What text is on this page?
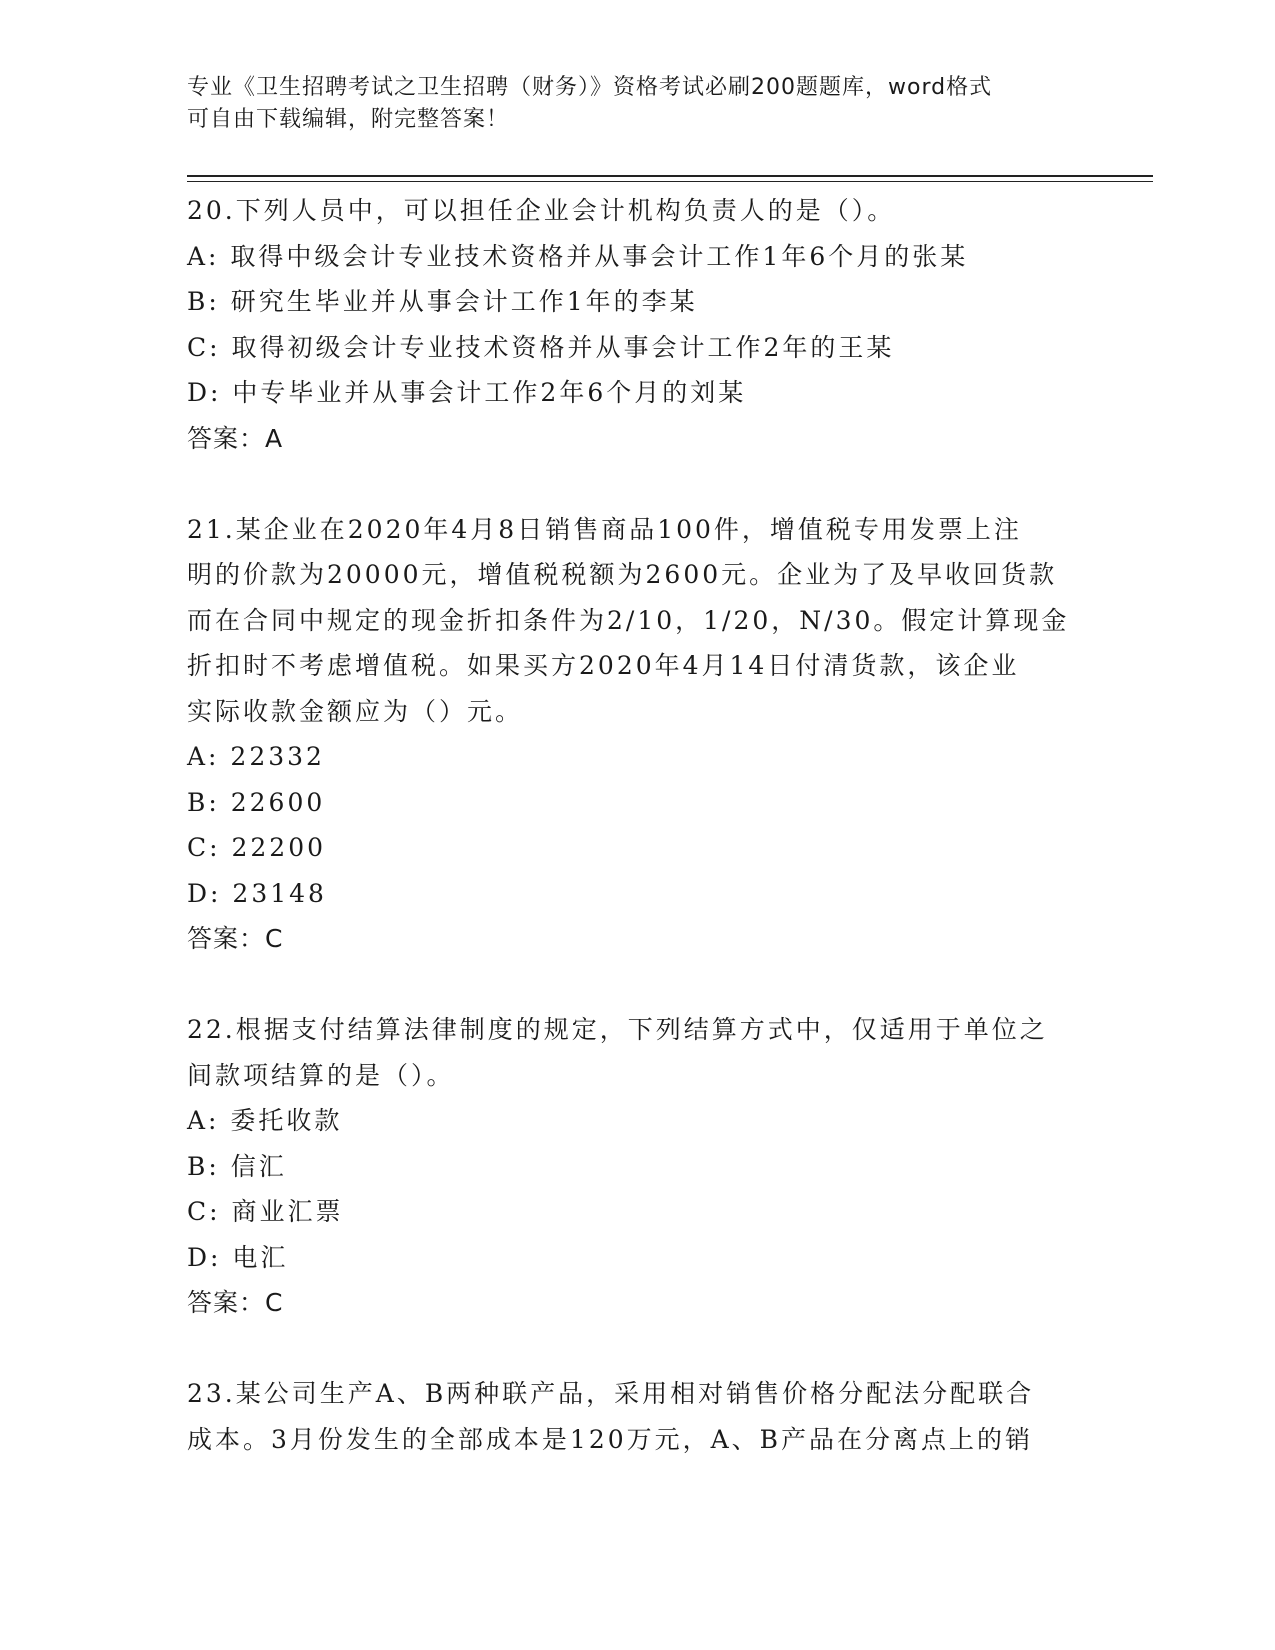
专业《卫生招聘考试之卫生招聘（财务）》资格考试必刷200题题库，word格式
可自由下载编辑，附完整答案！
20.下列人员中，可以担任企业会计机构负责人的是（）。
A: 取得中级会计专业技术资格并从事会计工作1年6个月的张某
B: 研究生毕业并从事会计工作1年的李某
C: 取得初级会计专业技术资格并从事会计工作2年的王某
D: 中专毕业并从事会计工作2年6个月的刘某
答案：A
21.某企业在2020年4月8日销售商品100件，增值税专用发票上注
明的价款为20000元，增值税税额为2600元。企业为了及早收回货款
而在合同中规定的现金折扣条件为2/10，1/20，N/30。假定计算现金
折扣时不考虑增值税。如果买方2020年4月14日付清货款，该企业
实际收款金额应为（）元。
A: 22332
B: 22600
C: 22200
D: 23148
答案：C
22.根据支付结算法律制度的规定，下列结算方式中，仅适用于单位之
间款项结算的是（）。
A: 委托收款
B: 信汇
C: 商业汇票
D: 电汇
答案：C
23.某公司生产A、B两种联产品，采用相对销售价格分配法分配联合
成本。3月份发生的全部成本是120万元，A、B产品在分离点上的销
